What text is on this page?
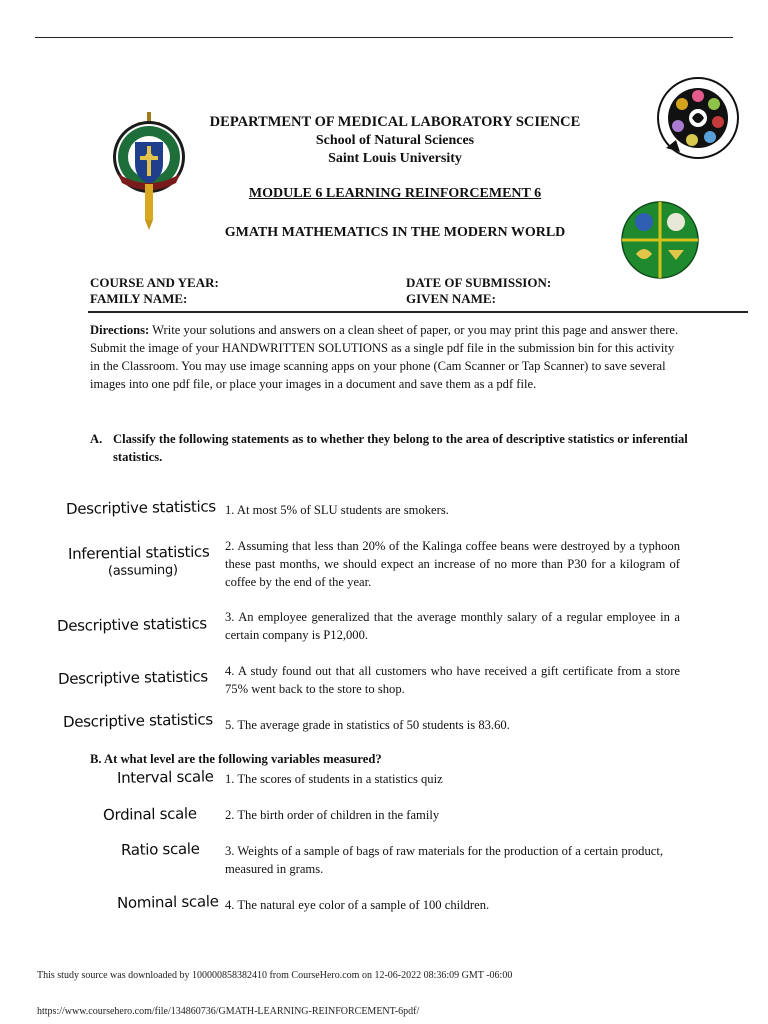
DEPARTMENT OF MEDICAL LABORATORY SCIENCE
School of Natural Sciences
Saint Louis University
MODULE 6 LEARNING REINFORCEMENT 6
GMATH MATHEMATICS IN THE MODERN WORLD
COURSE AND YEAR:	DATE OF SUBMISSION:
FAMILY NAME:	GIVEN NAME:
Directions: Write your solutions and answers on a clean sheet of paper, or you may print this page and answer there. Submit the image of your HANDWRITTEN SOLUTIONS as a single pdf file in the submission bin for this activity in the Classroom. You may use image scanning apps on your phone (Cam Scanner or Tap Scanner) to save several images into one pdf file, or place your images in a document and save them as a pdf file.
A. Classify the following statements as to whether they belong to the area of descriptive statistics or inferential statistics.
Descriptive statistics 1. At most 5% of SLU students are smokers.
Inferential statistics
(assuming)
2. Assuming that less than 20% of the Kalinga coffee beans were destroyed by a typhoon these past months, we should expect an increase of no more than P30 for a kilogram of coffee by the end of the year.
Descriptive statistics 3. An employee generalized that the average monthly salary of a regular employee in a certain company is P12,000.
Descriptive statistics 4. A study found out that all customers who have received a gift certificate from a store 75% went back to the store to shop.
Descriptive statistics 5. The average grade in statistics of 50 students is 83.60.
B. At what level are the following variables measured?
Interval scale 1. The scores of students in a statistics quiz
Ordinal scale 2. The birth order of children in the family
Ratio scale 3. Weights of a sample of bags of raw materials for the production of a certain product, measured in grams.
Nominal scale 4. The natural eye color of a sample of 100 children.
This study source was downloaded by 100000858382410 from CourseHero.com on 12-06-2022 08:36:09 GMT -06:00
https://www.coursehero.com/file/134860736/GMATH-LEARNING-REINFORCEMENT-6pdf/
